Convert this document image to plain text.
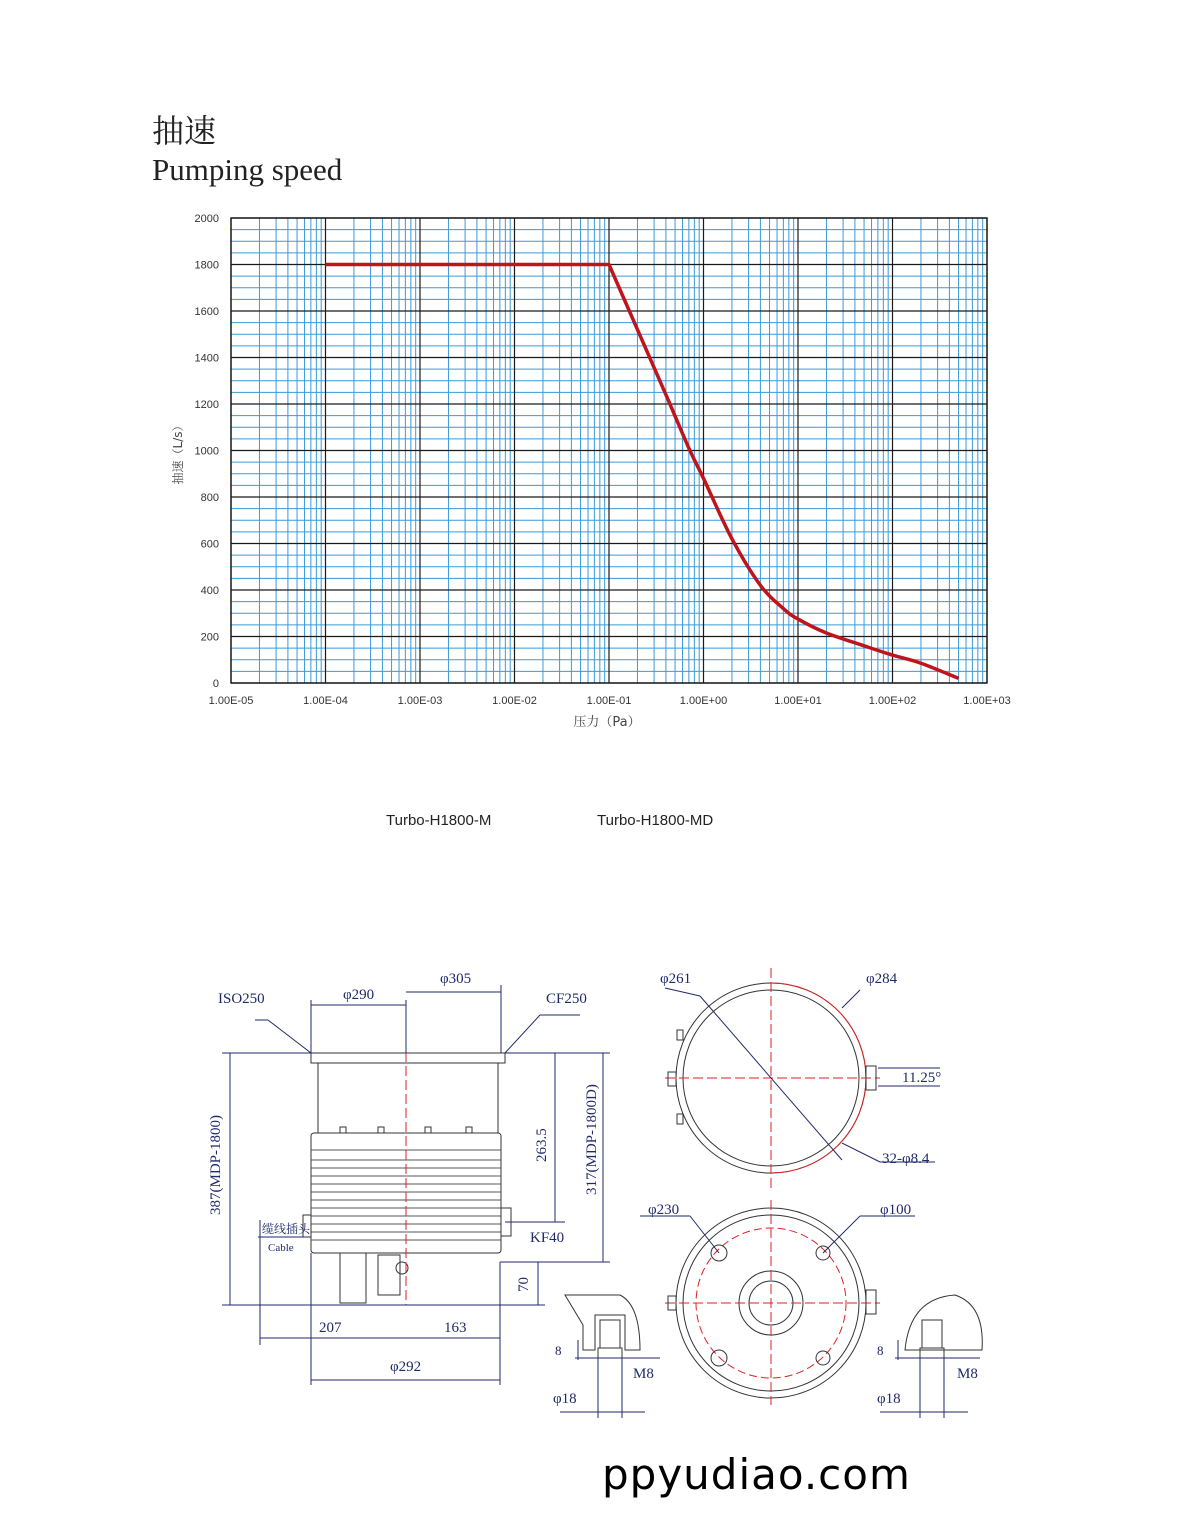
抽速
Pumping speed
0
200
400
600
800
1000
1200
1400
1600
1800
2000
1.00E-05	1.00E-04	1.00E-03	1.00E-02	1.00E-01	1.00E+00	1.00E+01	1.00E+02	1.00E+03
压力（Pa）
抽速（L/s）
Turbo-H1800-M	Turbo-H1800-MD
ISO250	φ290
φ305
CF250
387(MDP-1800)	263.5 317(MDP-1800D)
KF40
70
缆线插头
Cable
207	163
φ292
φ261	φ284
11.25°
32-φ8.4
φ230	φ100
8
M8
φ18
8
M8
φ18
ppyudiao.com
